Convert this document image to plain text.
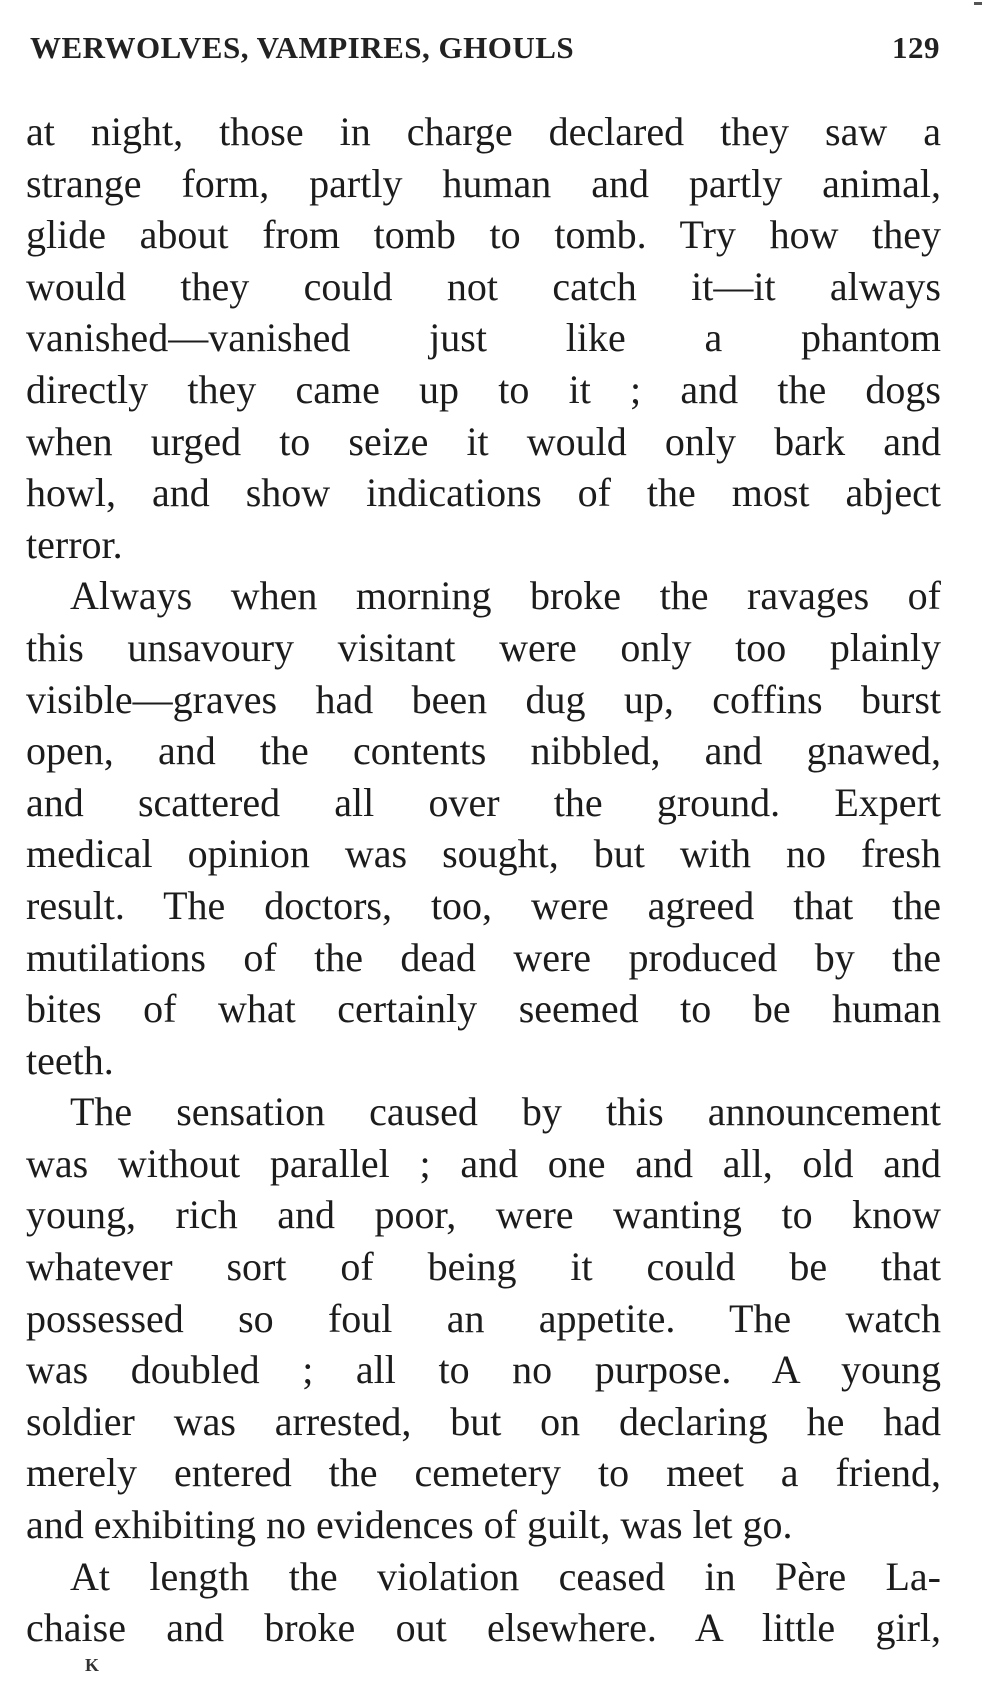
WERWOLVES, VAMPIRES, GHOULS	129

at night, those in charge declared they saw a
strange form, partly human and partly animal,
glide about from tomb to tomb. Try how they
would they could not catch it—it always
vanished—vanished just like a phantom
directly they came up to it ; and the dogs
when urged to seize it would only bark and
howl, and show indications of the most abject
terror.

Always when morning broke the ravages of
this unsavoury visitant were only too plainly
visible—graves had been dug up, coffins burst
open, and the contents nibbled, and gnawed,
and scattered all over the ground. Expert
medical opinion was sought, but with no fresh
result. The doctors, too, were agreed that the
mutilations of the dead were produced by the
bites of what certainly seemed to be human
teeth.

The sensation caused by this announcement
was without parallel ; and one and all, old and
young, rich and poor, were wanting to know
whatever sort of being it could be that
possessed so foul an appetite. The watch
was doubled ; all to no purpose. A young
soldier was arrested, but on declaring he had
merely entered the cemetery to meet a friend,
and exhibiting no evidences of guilt, was let go.

At length the violation ceased in Père La-
chaise and broke out elsewhere. A little girl,

K
